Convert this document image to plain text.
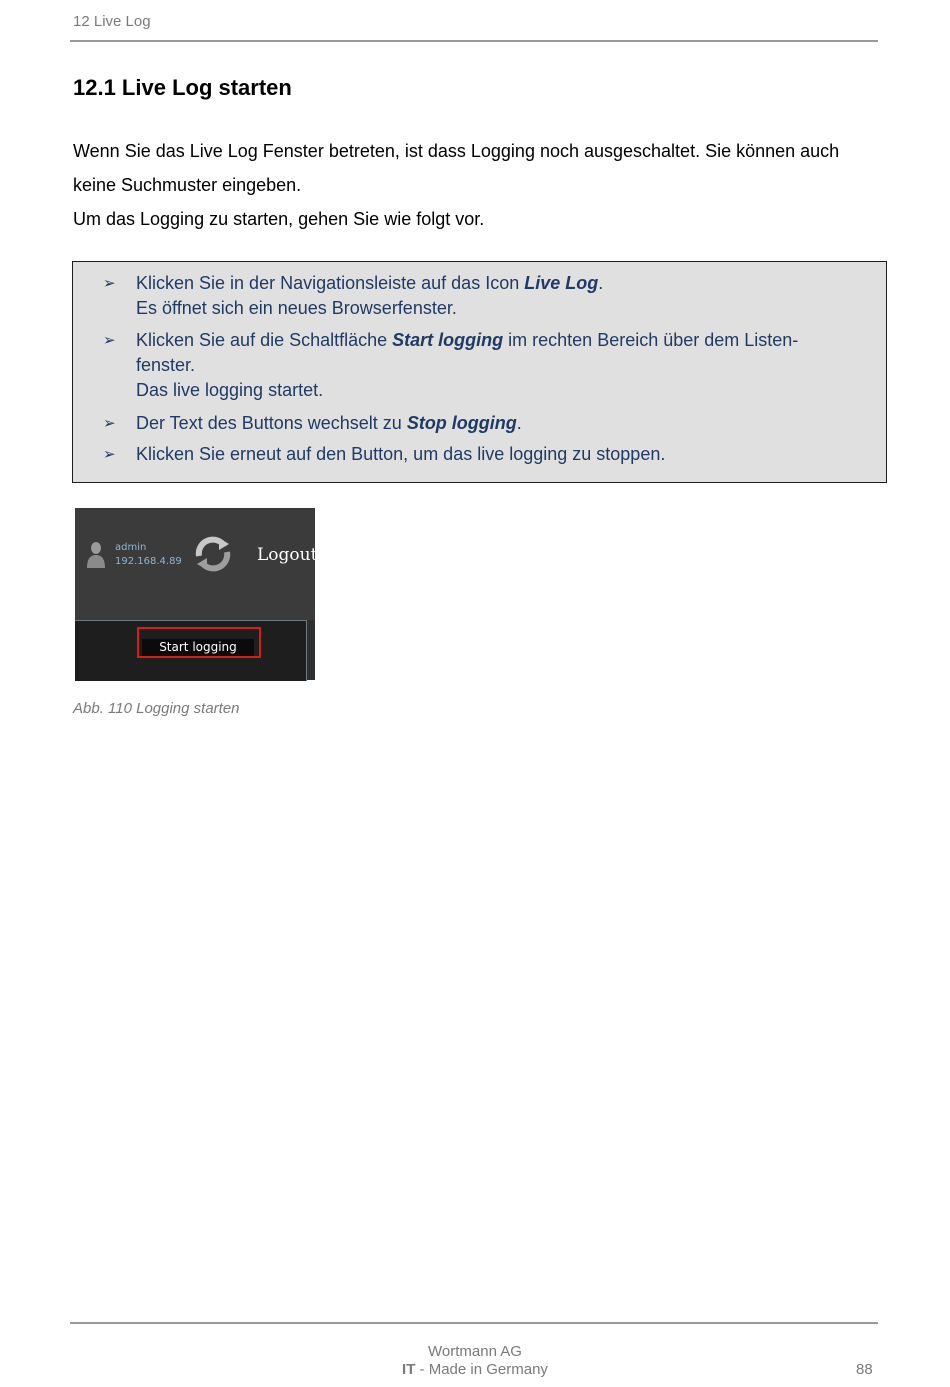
12 Live Log
12.1 Live Log starten

Wenn Sie das Live Log Fenster betreten, ist dass Logging noch ausgeschaltet. Sie können auch keine Suchmuster eingeben.

Um das Logging zu starten, gehen Sie wie folgt vor.

➢ Klicken Sie in der Navigationsleiste auf das Icon Live Log.
Es öffnet sich ein neues Browserfenster.
➢ Klicken Sie auf die Schaltfläche Start logging im rechten Bereich über dem Listen-
fenster.
Das live logging startet.
➢ Der Text des Buttons wechselt zu Stop logging.
➢ Klicken Sie erneut auf den Button, um das live logging zu stoppen.
admin
192.168.4.89	Logout
Start logging
Abb. 110 Logging starten
Wortmann AG
IT - Made in Germany	88
